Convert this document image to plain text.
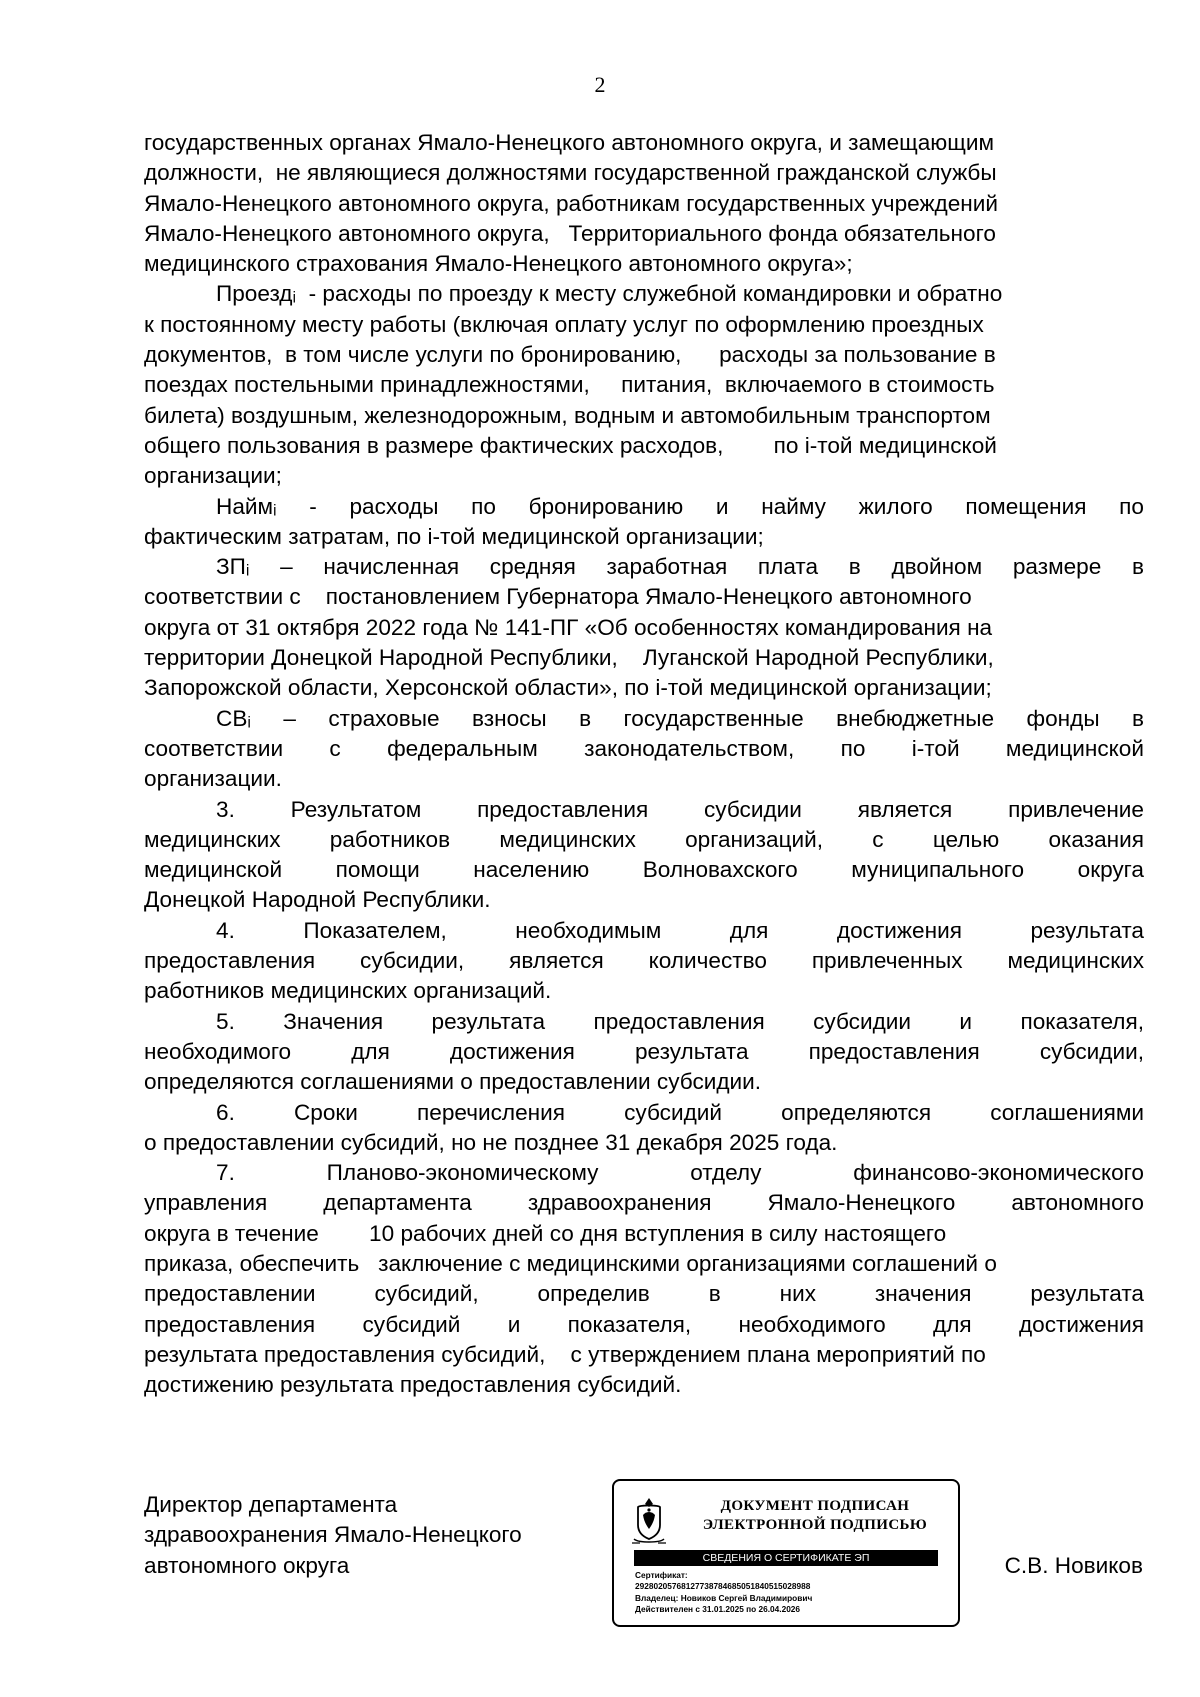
2
государственных органах Ямало-Ненецкого автономного округа, и замещающим
должности,  не являющиеся должностями государственной гражданской службы
Ямало-Ненецкого автономного округа, работникам государственных учреждений
Ямало-Ненецкого автономного округа,   Территориального фонда обязательного
медицинского страхования Ямало-Ненецкого автономного округа»;
Проездᵢ  - расходы по проезду к месту служебной командировки и обратно
к постоянному месту работы (включая оплату услуг по оформлению проездных
документов,  в том числе услуги по бронированию,      расходы за пользование в
поездах постельными принадлежностями,     питания,  включаемого в стоимость
билета) воздушным, железнодорожным, водным и автомобильным транспортом
общего пользования в размере фактических расходов,        по i-той медицинской
организации;
Наймᵢ - расходы по бронированию и найму жилого помещения по
фактическим затратам, по i-той медицинской организации;
ЗПᵢ – начисленная средняя заработная плата в двойном размере в
соответствии с    постановлением Губернатора Ямало-Ненецкого автономного
округа от 31 октября 2022 года № 141-ПГ «Об особенностях командирования на
территории Донецкой Народной Республики,    Луганской Народной Республики,
Запорожской области, Херсонской области», по i-той медицинской организации;
СВᵢ – страховые взносы в государственные внебюджетные фонды в
соответствии с федеральным законодательством, по i-той медицинской
организации.
3. Результатом предоставления субсидии является привлечение
медицинских работников медицинских организаций, с целью оказания
медицинской помощи населению Волновахского муниципального округа
Донецкой Народной Республики.
4. Показателем, необходимым для достижения результата
предоставления субсидии, является количество привлеченных медицинских
работников медицинских организаций.
5. Значения результата предоставления субсидии и показателя,
необходимого для достижения результата предоставления субсидии,
определяются соглашениями о предоставлении субсидии.
6. Сроки перечисления субсидий определяются соглашениями
о предоставлении субсидий, но не позднее 31 декабря 2025 года.
7. Планово-экономическому отделу финансово-экономического
управления департамента здравоохранения Ямало-Ненецкого автономного
округа в течение        10 рабочих дней со дня вступления в силу настоящего
приказа, обеспечить   заключение с медицинскими организациями соглашений о
предоставлении субсидий, определив в них значения результата
предоставления субсидий и показателя, необходимого для достижения
результата предоставления субсидий,    с утверждением плана мероприятий по
достижению результата предоставления субсидий.
Директор департамента
здравоохранения Ямало-Ненецкого
автономного округа
ДОКУМЕНТ ПОДПИСАН
ЭЛЕКТРОННОЙ ПОДПИСЬЮ
СВЕДЕНИЯ О СЕРТИФИКАТЕ ЭП
Сертификат:
29280205768127738784685051840515028988
Владелец: Новиков Сергей Владимирович
Действителен с 31.01.2025 по 26.04.2026
С.В. Новиков
